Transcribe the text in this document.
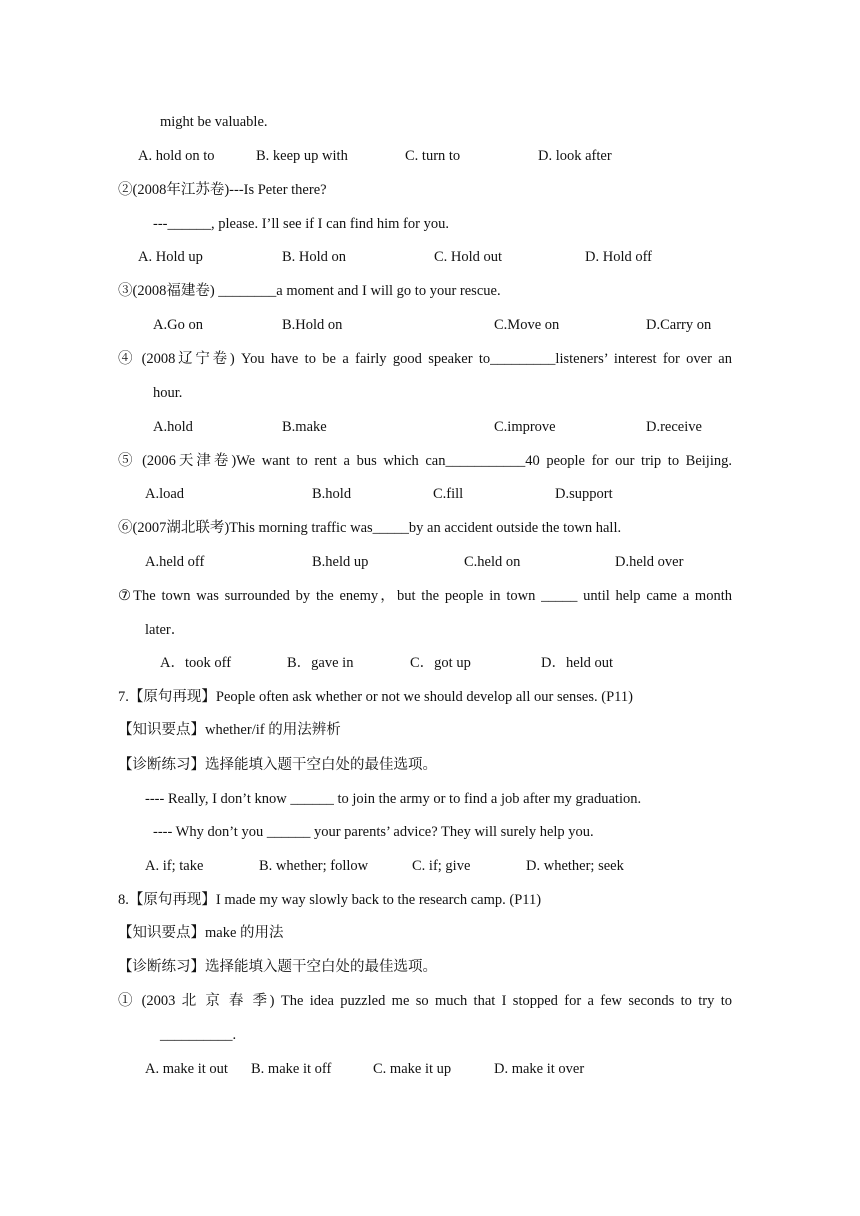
might be valuable.
A. hold on to	B. keep up with	C. turn to	D. look after
②(2008年江苏卷)---Is Peter there?
---______, please. I’ll see if I can find him for you.
A. Hold up	B. Hold on	C. Hold out	D. Hold off
③(2008福建卷) ________a moment and I will go to your rescue.
A.Go on	B.Hold on	C.Move on	D.Carry on
④ (2008辽宁卷) You have to be a fairly good speaker to_________listeners’ interest for over an
hour.
A.hold	B.make	C.improve	D.receive
⑤ (2006天津卷)We want to rent a bus which can___________40 people for our trip to Beijing.
A.load	B.hold	C.fill	D.support
⑥(2007湖北联考)This morning traffic was_____by an accident outside the town hall.
A.held off	B.held up	C.held on	D.held over
⑦The town was surrounded by the enemy，but the people in town _____ until help came a month
later．
A．took off	B．gave in	C．got up	D．held out
7.【原句再现】People often ask whether or not we should develop all our senses. (P11)
【知识要点】whether/if 的用法辨析
【诊断练习】选择能填入题干空白处的最佳选项。
---- Really, I don’t know ______ to join the army or to find a job after my graduation.
---- Why don’t you ______ your parents’ advice? They will surely help you.
A. if; take	B. whether; follow	C. if; give	D. whether; seek
8.【原句再现】I made my way slowly back to the research camp. (P11)
【知识要点】make 的用法
【诊断练习】选择能填入题干空白处的最佳选项。
① (2003 北 京 春 季) The idea puzzled me so much that I stopped for a few seconds to try to
__________.
A. make it out B. make it off	C. make it up	D. make it over
